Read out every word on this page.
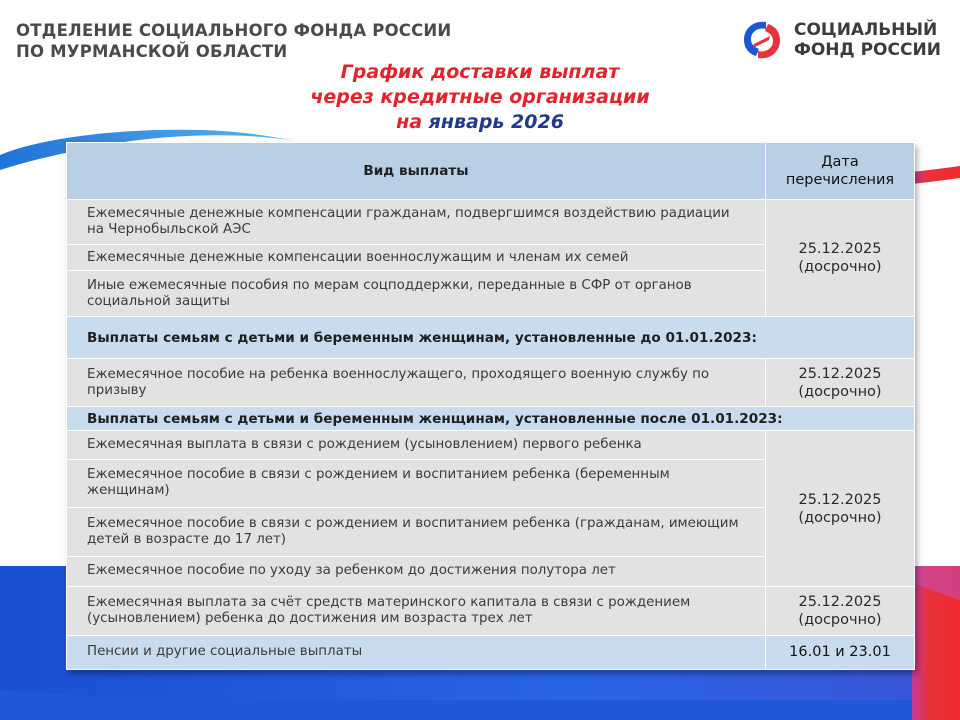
ОТДЕЛЕНИЕ СОЦИАЛЬНОГО ФОНДА РОССИИ
ПО МУРМАНСКОЙ ОБЛАСТИ
СОЦИАЛЬНЫЙ
ФОНД РОССИИ
График доставки выплат
через кредитные организации
на январь 2026
Вид выплаты	Дата
перечисления

Ежемесячные денежные компенсации гражданам, подвергшимся воздействию радиации на Чернобыльской АЭС	25.12.2025
(досрочно)

Ежемесячные денежные компенсации военнослужащим и членам их семей	
Иные ежемесячные пособия по мерам соцподдержки, переданные в СФР от органов социальной защиты	
Выплаты семьям с детьми и беременным женщинам, установленные до 01.01.2023:	
Ежемесячное пособие на ребенка военнослужащего, проходящего военную службу по призыву	25.12.2025
(досрочно)

Выплаты семьям с детьми и беременным женщинам, установленные после 01.01.2023:	
Ежемесячная выплата в связи с рождением (усыновлением) первого ребенка	25.12.2025
(досрочно)

Ежемесячное пособие в связи с рождением и воспитанием ребенка (беременным женщинам)	
Ежемесячное пособие в связи с рождением и воспитанием ребенка (гражданам, имеющим детей в возрасте до 17 лет)	
Ежемесячное пособие по уходу за ребенком до достижения полутора лет	
Ежемесячная выплата за счёт средств материнского капитала в связи с рождением (усыновлением) ребенка до достижения им возраста трех лет	25.12.2025
(досрочно)

Пенсии и другие социальные выплаты	16.01 и 23.01
